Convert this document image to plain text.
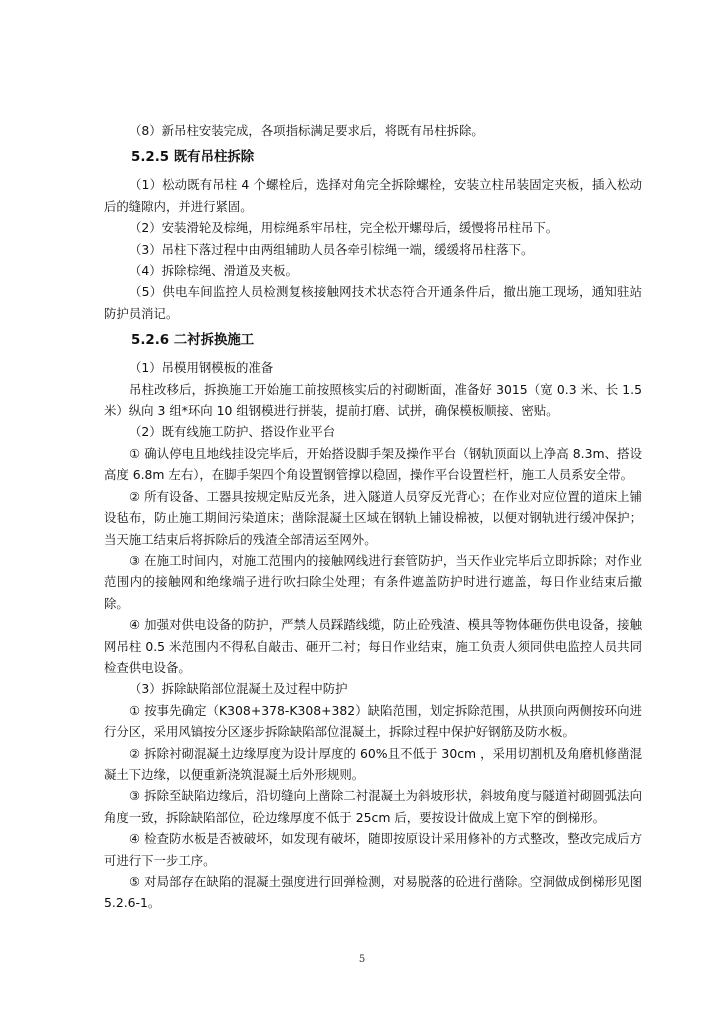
（8）新吊柱安装完成，各项指标满足要求后，将既有吊柱拆除。

5.2.5 既有吊柱拆除

（1）松动既有吊柱 4 个螺栓后，选择对角完全拆除螺栓，安装立柱吊装固定夹板，插入松动后的缝隙内，并进行紧固。

（2）安装滑轮及棕绳，用棕绳系牢吊柱，完全松开螺母后，缓慢将吊柱吊下。

（3）吊柱下落过程中由两组辅助人员各牵引棕绳一端，缓缓将吊柱落下。

（4）拆除棕绳、滑道及夹板。

（5）供电车间监控人员检测复核接触网技术状态符合开通条件后，撤出施工现场，通知驻站防护员消记。

5.2.6 二衬拆换施工

（1）吊模用钢模板的准备

吊柱改移后，拆换施工开始施工前按照核实后的衬砌断面，准备好 3015（宽 0.3 米、长 1.5 米）纵向 3 组*环向 10 组钢模进行拼装，提前打磨、试拼，确保模板顺接、密贴。

（2）既有线施工防护、搭设作业平台

① 确认停电且地线挂设完毕后，开始搭设脚手架及操作平台（钢轨顶面以上净高 8.3m、搭设高度 6.8m 左右），在脚手架四个角设置钢管撑以稳固，操作平台设置栏杆，施工人员系安全带。

② 所有设备、工器具按规定贴反光条，进入隧道人员穿反光背心；在作业对应位置的道床上铺设毡布，防止施工期间污染道床；凿除混凝土区域在钢轨上铺设棉被，以便对钢轨进行缓冲保护；当天施工结束后将拆除后的残渣全部清运至网外。

③ 在施工时间内，对施工范围内的接触网线进行套管防护，当天作业完毕后立即拆除；对作业范围内的接触网和绝缘端子进行吹扫除尘处理；有条件遮盖防护时进行遮盖，每日作业结束后撤除。

④ 加强对供电设备的防护，严禁人员踩踏线缆，防止砼残渣、模具等物体砸伤供电设备，接触网吊柱 0.5 米范围内不得私自敲击、砸开二衬；每日作业结束，施工负责人须同供电监控人员共同检查供电设备。

（3）拆除缺陷部位混凝土及过程中防护

① 按事先确定（K308+378-K308+382）缺陷范围，划定拆除范围，从拱顶向两侧按环向进行分区，采用风镐按分区逐步拆除缺陷部位混凝土，拆除过程中保护好钢筋及防水板。

② 拆除衬砌混凝土边缘厚度为设计厚度的 60%且不低于 30cm ，采用切割机及角磨机修凿混凝土下边缘，以便重新浇筑混凝土后外形规则。

③ 拆除至缺陷边缘后，沿切缝向上凿除二衬混凝土为斜坡形状，斜坡角度与隧道衬砌圆弧法向角度一致，拆除缺陷部位，砼边缘厚度不低于 25cm 后，要按设计做成上宽下窄的倒梯形。

④ 检查防水板是否被破坏，如发现有破坏，随即按原设计采用修补的方式整改，整改完成后方可进行下一步工序。

⑤ 对局部存在缺陷的混凝土强度进行回弹检测，对易脱落的砼进行凿除。空洞做成倒梯形见图 5.2.6-1。

5
